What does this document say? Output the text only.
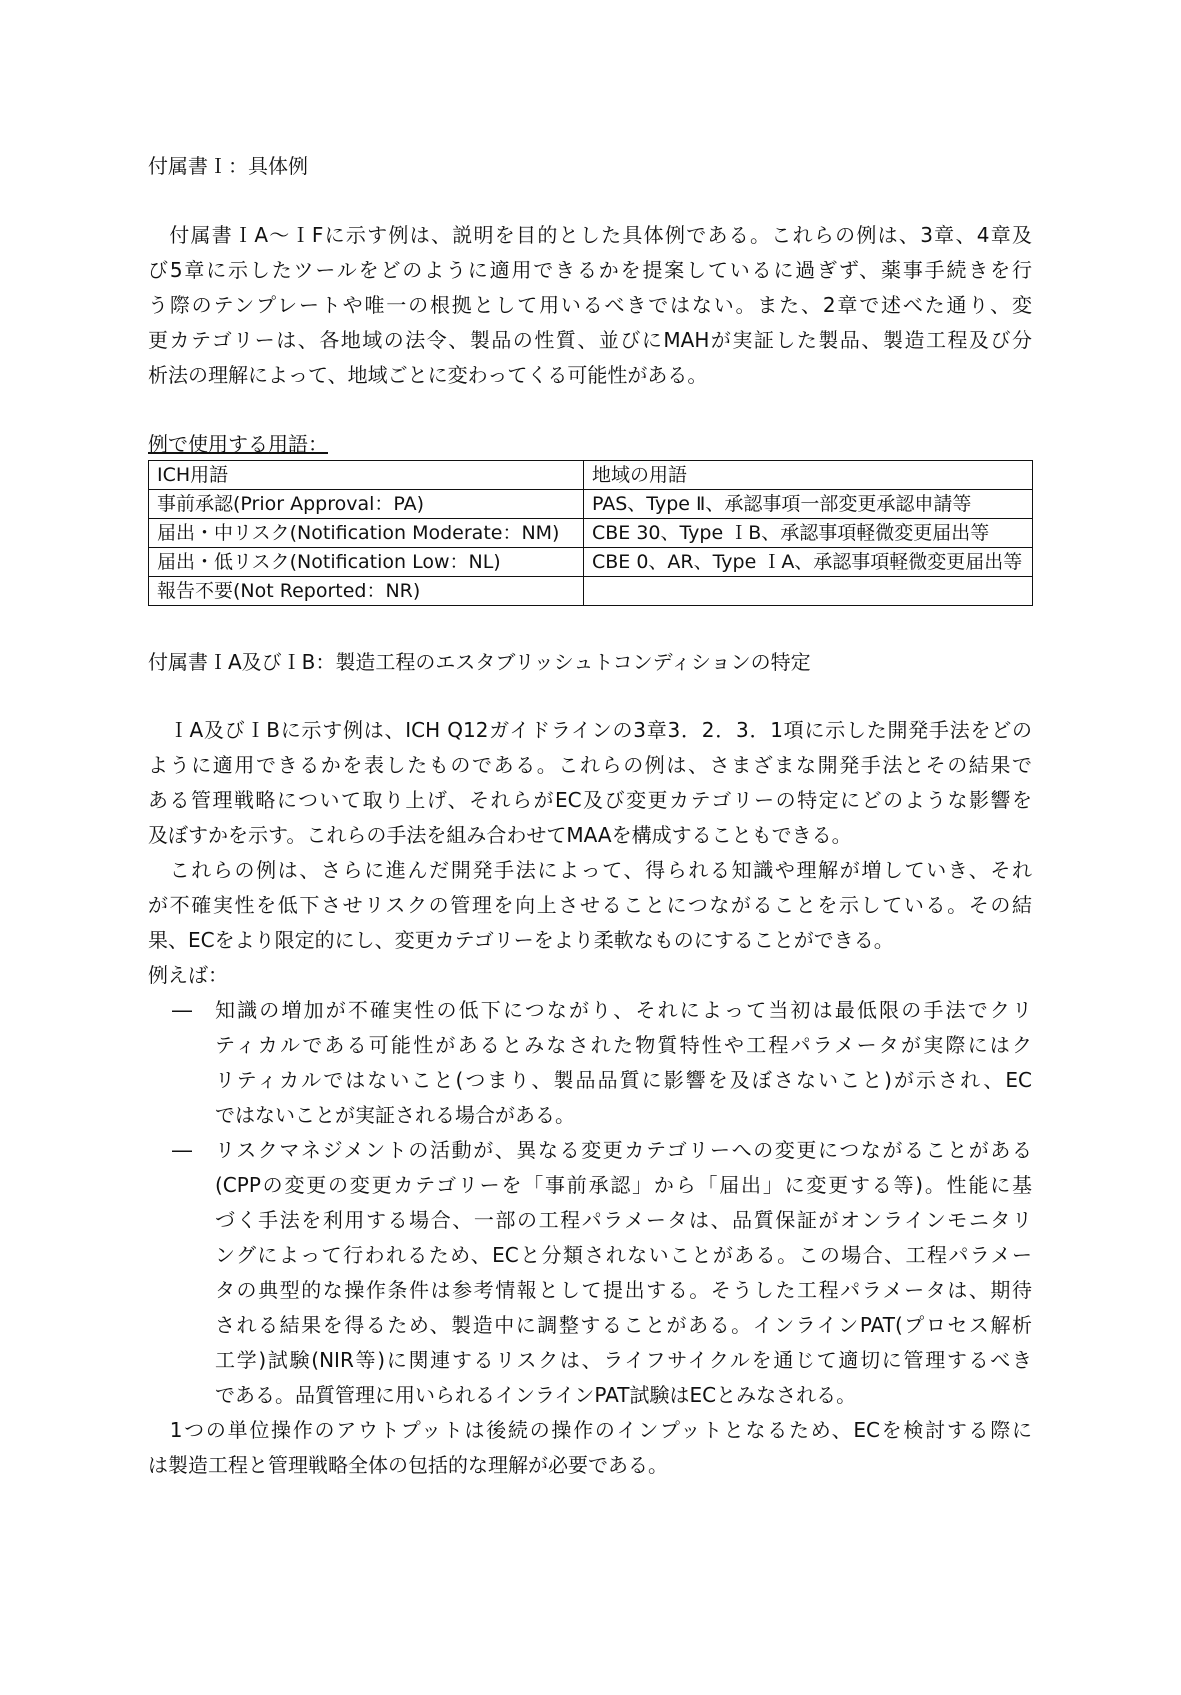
付属書Ｉ：具体例
　付属書ＩA～ＩFに示す例は、説明を目的とした具体例である。これらの例は、3章、4章及
び5章に示したツールをどのように適用できるかを提案しているに過ぎず、薬事手続きを行
う際のテンプレートや唯一の根拠として用いるべきではない。また、2章で述べた通り、変
更カテゴリーは、各地域の法令、製品の性質、並びにMAHが実証した製品、製造工程及び分
析法の理解によって、地域ごとに変わってくる可能性がある。
例で使用する用語：
ICH用語	地域の用語
事前承認(Prior Approval：PA)	PAS、Type Ⅱ、承認事項一部変更承認申請等
届出・中リスク(Notification Moderate：NM)	CBE 30、Type ＩB、承認事項軽微変更届出等
届出・低リスク(Notification Low：NL)	CBE 0、AR、Type ＩA、承認事項軽微変更届出等
報告不要(Not Reported：NR)	
付属書ＩA及びＩB：製造工程のエスタブリッシュトコンディションの特定
　ＩA及びＩBに示す例は、ICH Q12ガイドラインの3章3．2．3．1項に示した開発手法をどの
ように適用できるかを表したものである。これらの例は、さまざまな開発手法とその結果で
ある管理戦略について取り上げ、それらがEC及び変更カテゴリーの特定にどのような影響を
及ぼすかを示す。これらの手法を組み合わせてMAAを構成することもできる。
　これらの例は、さらに進んだ開発手法によって、得られる知識や理解が増していき、それ
が不確実性を低下させリスクの管理を向上させることにつながることを示している。その結
果、ECをより限定的にし、変更カテゴリーをより柔軟なものにすることができる。
例えば：
― 知識の増加が不確実性の低下につながり、それによって当初は最低限の手法でクリ
ティカルである可能性があるとみなされた物質特性や工程パラメータが実際にはク
リティカルではないこと(つまり、製品品質に影響を及ぼさないこと)が示され、EC
ではないことが実証される場合がある。
― リスクマネジメントの活動が、異なる変更カテゴリーへの変更につながることがある
(CPPの変更の変更カテゴリーを「事前承認」から「届出」に変更する等)。性能に基
づく手法を利用する場合、一部の工程パラメータは、品質保証がオンラインモニタリ
ングによって行われるため、ECと分類されないことがある。この場合、工程パラメー
タの典型的な操作条件は参考情報として提出する。そうした工程パラメータは、期待
される結果を得るため、製造中に調整することがある。インラインPAT(プロセス解析
工学)試験(NIR等)に関連するリスクは、ライフサイクルを通じて適切に管理するべき
である。品質管理に用いられるインラインPAT試験はECとみなされる。
　1つの単位操作のアウトプットは後続の操作のインプットとなるため、ECを検討する際に
は製造工程と管理戦略全体の包括的な理解が必要である。
